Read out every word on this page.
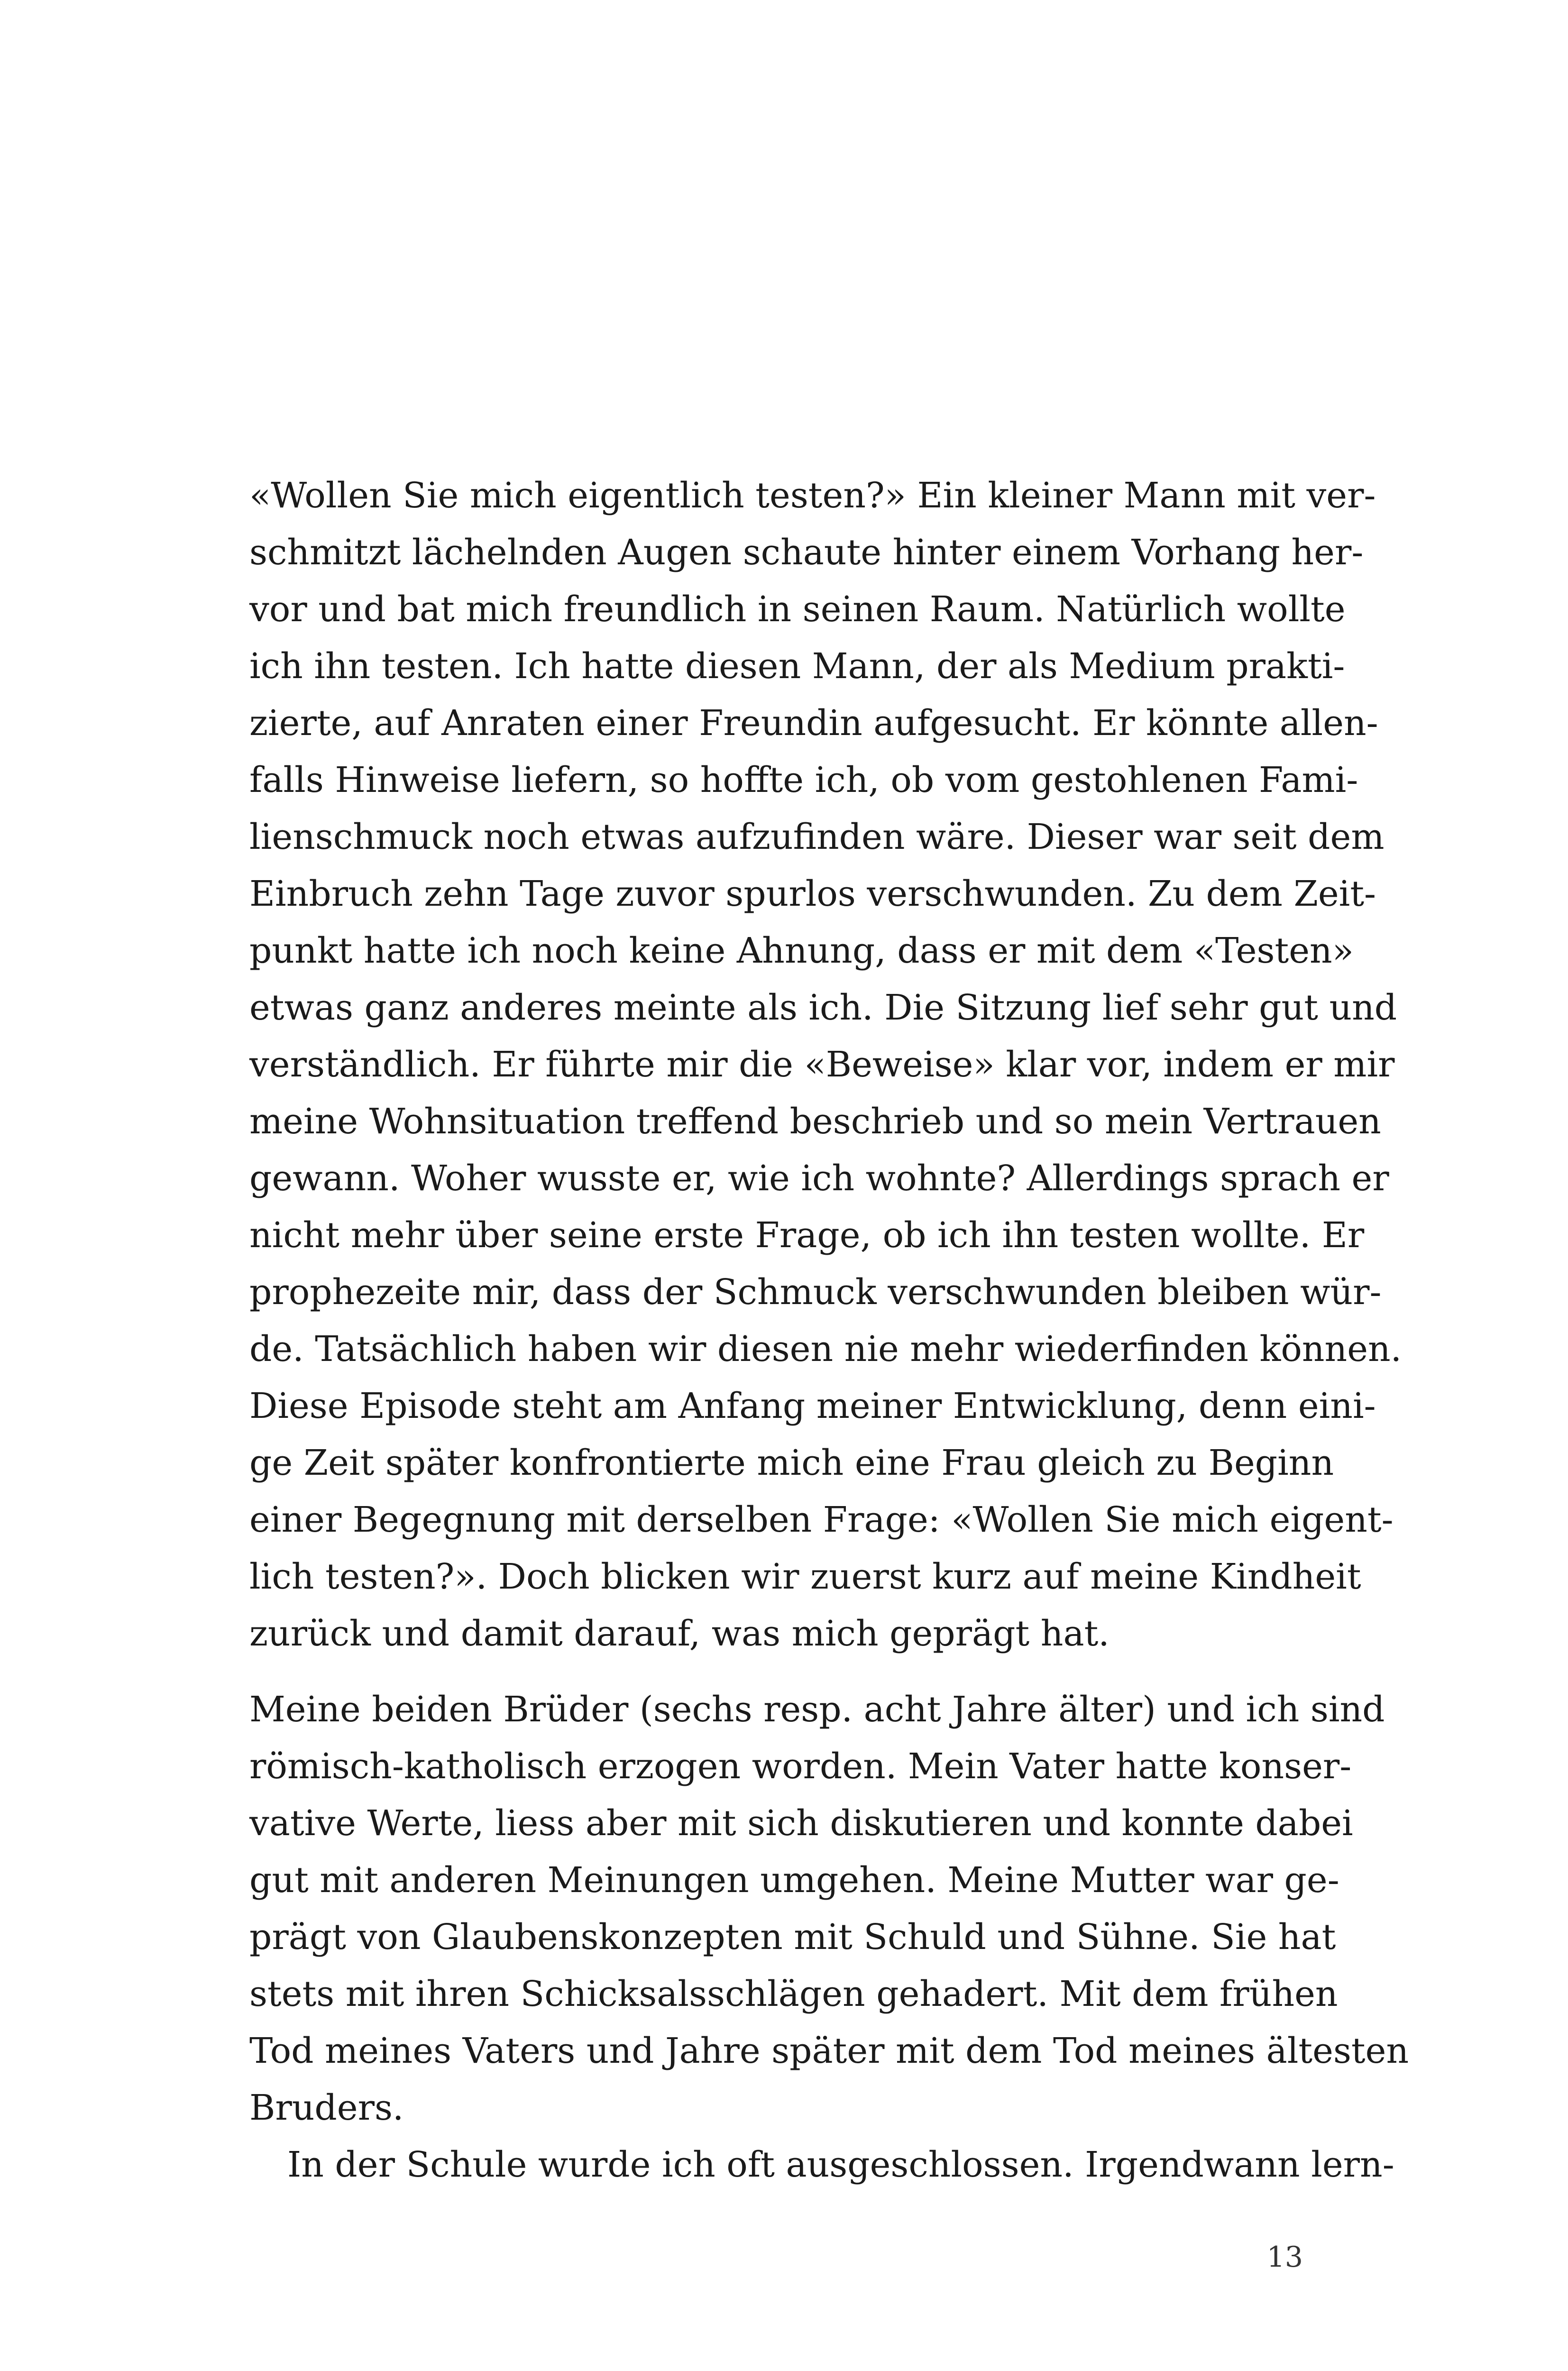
«Wollen Sie mich eigentlich testen?» Ein kleiner Mann mit ver-
schmitzt lächelnden Augen schaute hinter einem Vorhang her-
vor und bat mich freundlich in seinen Raum. Natürlich wollte
ich ihn testen. Ich hatte diesen Mann, der als Medium prakti-
zierte, auf Anraten einer Freundin aufgesucht. Er könnte allen-
falls Hinweise liefern, so hoffte ich, ob vom gestohlenen Fami-
lienschmuck noch etwas aufzufinden wäre. Dieser war seit dem
Einbruch zehn Tage zuvor spurlos verschwunden. Zu dem Zeit-
punkt hatte ich noch keine Ahnung, dass er mit dem «Testen»
etwas ganz anderes meinte als ich. Die Sitzung lief sehr gut und
verständlich. Er führte mir die «Beweise» klar vor, indem er mir
meine Wohnsituation treffend beschrieb und so mein Vertrauen
gewann. Woher wusste er, wie ich wohnte? Allerdings sprach er
nicht mehr über seine erste Frage, ob ich ihn testen wollte. Er
prophezeite mir, dass der Schmuck verschwunden bleiben wür-
de. Tatsächlich haben wir diesen nie mehr wiederfinden können.
Diese Episode steht am Anfang meiner Entwicklung, denn eini-
ge Zeit später konfrontierte mich eine Frau gleich zu Beginn
einer Begegnung mit derselben Frage: «Wollen Sie mich eigent-
lich testen?». Doch blicken wir zuerst kurz auf meine Kindheit
zurück und damit darauf, was mich geprägt hat.
Meine beiden Brüder (sechs resp. acht Jahre älter) und ich sind
römisch-katholisch erzogen worden. Mein Vater hatte konser-
vative Werte, liess aber mit sich diskutieren und konnte dabei
gut mit anderen Meinungen umgehen. Meine Mutter war ge-
prägt von Glaubenskonzepten mit Schuld und Sühne. Sie hat
stets mit ihren Schicksalsschlägen gehadert. Mit dem frühen
Tod meines Vaters und Jahre später mit dem Tod meines ältesten
Bruders.
In der Schule wurde ich oft ausgeschlossen. Irgendwann lern-
13
